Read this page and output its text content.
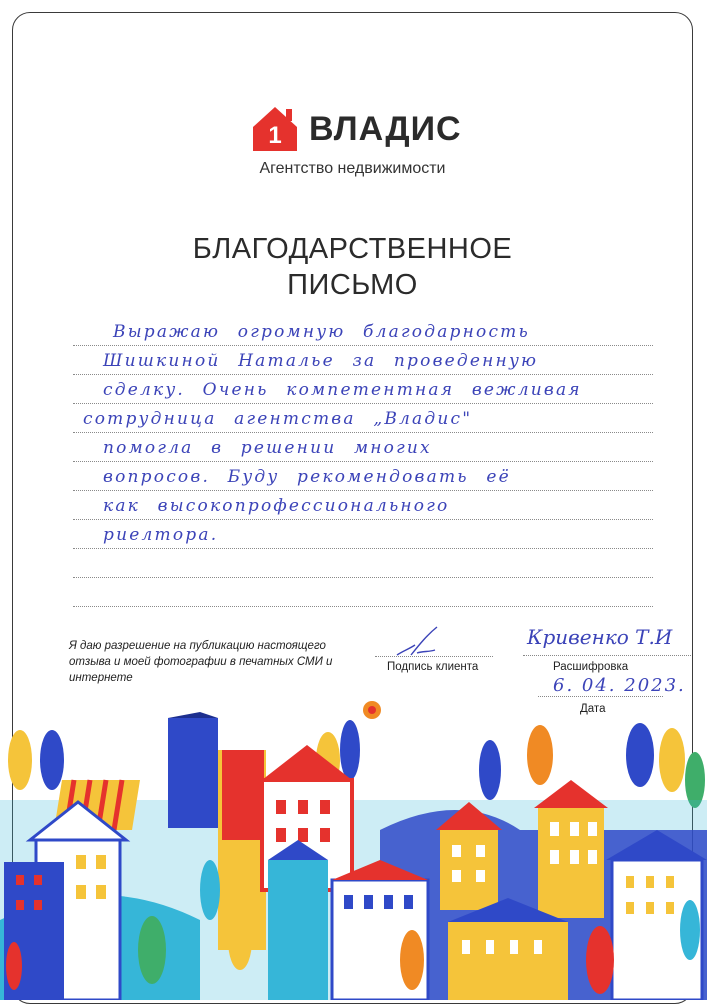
1 ВЛАДИС
Агентство недвижимости
БЛАГОДАРСТВЕННОЕ
ПИСЬМО
Выражаю огромную благодарность
Шишкиной Наталье за проведенную
сделку. Очень компетентная вежливая
сотрудница агентства „Владис"
помогла в решении многих
вопросов. Буду рекомендовать её
как высокопрофессионального
риелтора.
Я даю разрешение на публикацию настоящего отзыва и моей фотографии в печатных СМИ и интернете
Подпись клиента
Кривенко Т.И
Расшифровка
6. 04. 2023.
Дата
